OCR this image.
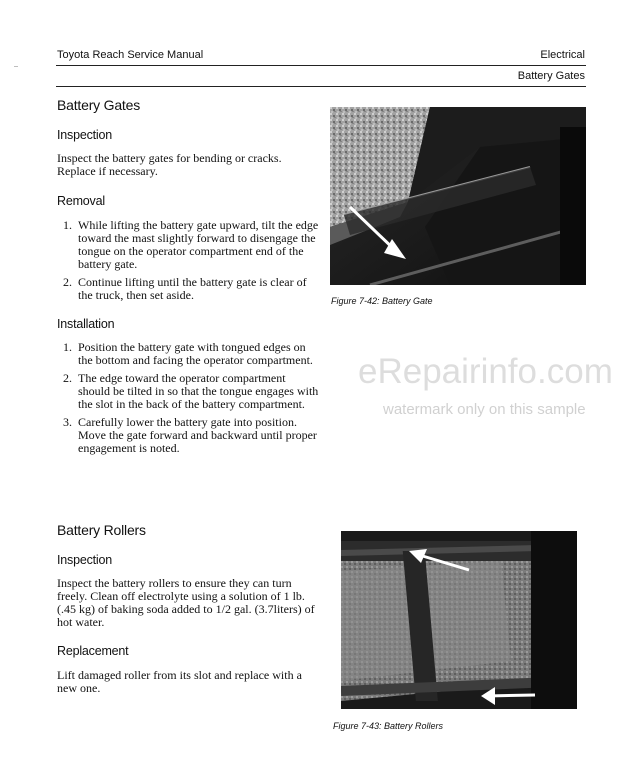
Toyota Reach Service Manual	Electrical
Battery Gates
..
Battery Gates
Inspection
Inspect the battery gates for bending or cracks. Replace if necessary.
Removal
1. While lifting the battery gate upward, tilt the edge toward the mast slightly forward to disengage the tongue on the operator compartment end of the battery gate.
2. Continue lifting until the battery gate is clear of the truck, then set aside.
Installation
1. Position the battery gate with tongued edges on the bottom and facing the operator compartment.
2. The edge toward the operator compartment should be tilted in so that the tongue engages with the slot in the back of the battery compartment.
3. Carefully lower the battery gate into position. Move the gate forward and backward until proper engagement is noted.
Battery Rollers
Inspection
Inspect the battery rollers to ensure they can turn freely. Clean off electrolyte using a solution of 1 lb. (.45 kg) of baking soda added to 1/2 gal. (3.7liters) of hot water.
Replacement
Lift damaged roller from its slot and replace with a new one.
Figure 7-42: Battery Gate
Figure 7-43: Battery Rollers
eRepairinfo.com
watermark only on this sample
